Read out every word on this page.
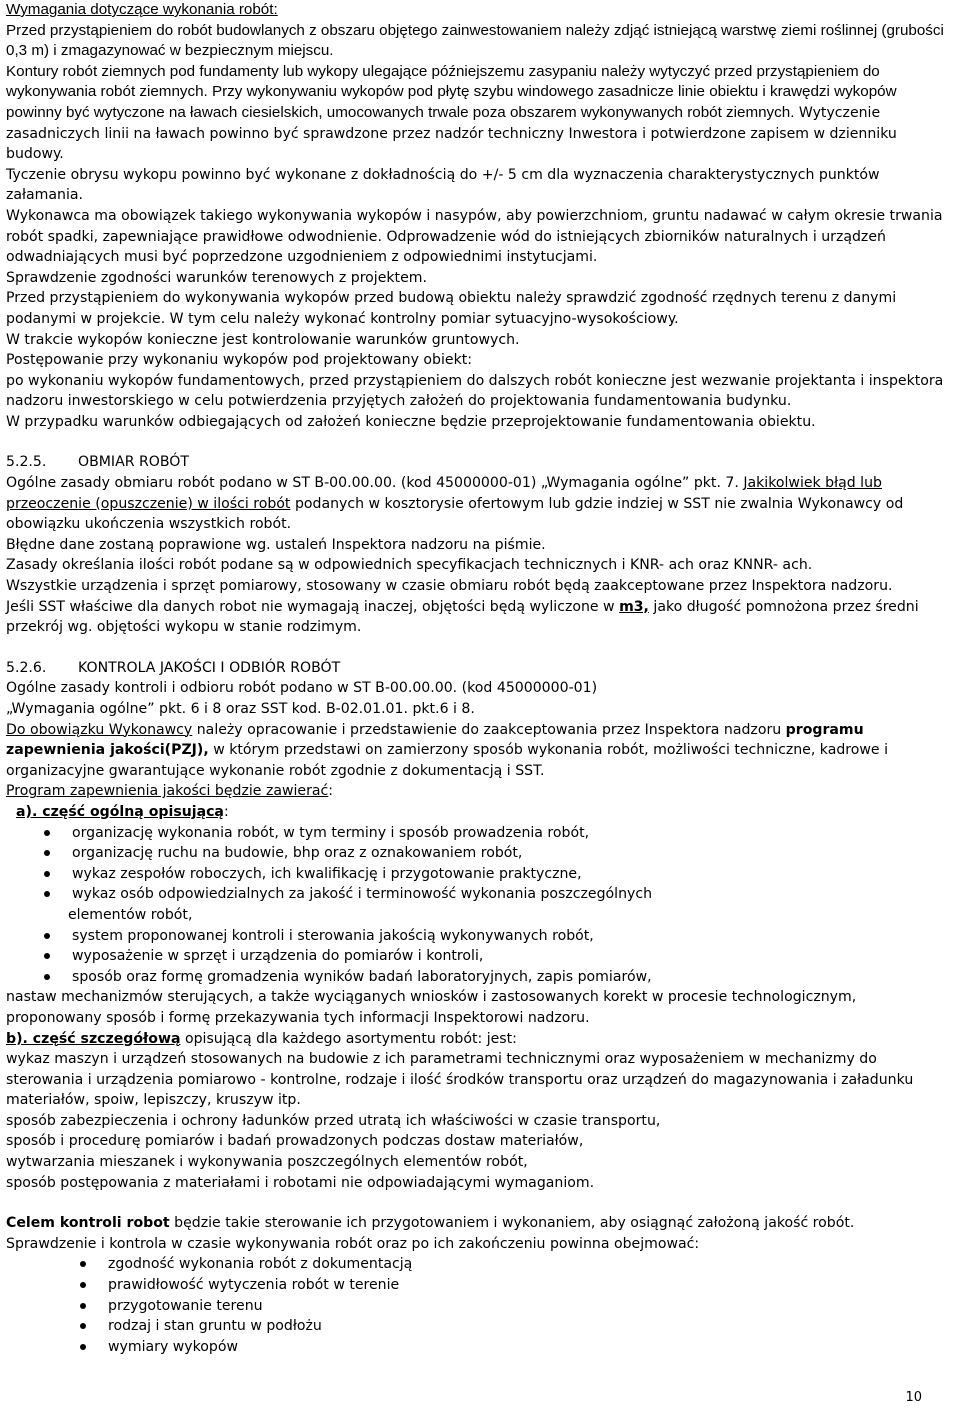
Wymagania dotyczące wykonania robót:

Przed przystąpieniem do robót budowlanych z obszaru objętego zainwestowaniem należy zdjąć istniejącą warstwę ziemi roślinnej (grubości 0,3 m) i zmagazynować w bezpiecznym miejscu.

Kontury robót ziemnych pod fundamenty lub wykopy ulegające późniejszemu zasypaniu należy wytyczyć przed przystąpieniem do wykonywania robót ziemnych. Przy wykonywaniu wykopów pod płytę szybu windowego zasadnicze linie obiektu i krawędzi wykopów powinny być wytyczone na ławach ciesielskich, umocowanych trwale poza obszarem wykonywanych robót ziemnych. Wytyczenie zasadniczych linii na ławach powinno być sprawdzone przez nadzór techniczny Inwestora i potwierdzone zapisem w dzienniku budowy.

Tyczenie obrysu wykopu powinno być wykonane z dokładnością do +/- 5 cm dla wyznaczenia charakterystycznych punktów załamania.

Wykonawca ma obowiązek takiego wykonywania wykopów i nasypów, aby powierzchniom, gruntu nadawać w całym okresie trwania robót spadki, zapewniające prawidłowe odwodnienie. Odprowadzenie wód do istniejących zbiorników naturalnych i urządzeń odwadniających musi być poprzedzone uzgodnieniem z odpowiednimi instytucjami.

Sprawdzenie zgodności warunków terenowych z projektem.

Przed przystąpieniem do wykonywania wykopów przed budową obiektu należy sprawdzić zgodność rzędnych terenu z danymi podanymi w projekcie. W tym celu należy wykonać kontrolny pomiar sytuacyjno-wysokościowy.

W trakcie wykopów konieczne jest kontrolowanie warunków gruntowych.

Postępowanie przy wykonaniu wykopów pod projektowany obiekt:

po wykonaniu wykopów fundamentowych, przed przystąpieniem do dalszych robót konieczne jest wezwanie projektanta i inspektora nadzoru inwestorskiego w celu potwierdzenia przyjętych założeń do projektowania fundamentowania budynku.

W przypadku warunków odbiegających od założeń konieczne będzie przeprojektowanie fundamentowania obiektu.

5.2.5. OBMIAR ROBÓT

Ogólne zasady obmiaru robót podano w ST B-00.00.00. (kod 45000000-01) „Wymagania ogólne” pkt. 7. Jakikolwiek błąd lub przeoczenie (opuszczenie) w ilości robót podanych w kosztorysie ofertowym lub gdzie indziej w SST nie zwalnia Wykonawcy od obowiązku ukończenia wszystkich robót.

Błędne dane zostaną poprawione wg. ustaleń Inspektora nadzoru na piśmie.

Zasady określania ilości robót podane są w odpowiednich specyfikacjach technicznych i KNR- ach oraz KNNR- ach.

Wszystkie urządzenia i sprzęt pomiarowy, stosowany w czasie obmiaru robót będą zaakceptowane przez Inspektora nadzoru.

Jeśli SST właściwe dla danych robot nie wymagają inaczej, objętości będą wyliczone w m3, jako długość pomnożona przez średni przekrój wg. objętości wykopu w stanie rodzimym.

5.2.6. KONTROLA JAKOŚCI I ODBIÓR ROBÓT

Ogólne zasady kontroli i odbioru robót podano w ST B-00.00.00. (kod 45000000-01)

„Wymagania ogólne” pkt. 6 i 8 oraz SST kod. B-02.01.01. pkt.6 i 8.

Do obowiązku Wykonawcy należy opracowanie i przedstawienie do zaakceptowania przez Inspektora nadzoru programu zapewnienia jakości(PZJ), w którym przedstawi on zamierzony sposób wykonania robót, możliwości techniczne, kadrowe i organizacyjne gwarantujące wykonanie robót zgodnie z dokumentacją i SST.

Program zapewnienia jakości będzie zawierać:

a). część ogólną opisującą:

organizację wykonania robót, w tym terminy i sposób prowadzenia robót,
organizację ruchu na budowie, bhp oraz z oznakowaniem robót,
wykaz zespołów roboczych, ich kwalifikację i przygotowanie praktyczne,
wykaz osób odpowiedzialnych za jakość i terminowość wykonania poszczególnych
elementów robót,
system proponowanej kontroli i sterowania jakością wykonywanych robót,
wyposażenie w sprzęt i urządzenia do pomiarów i kontroli,
sposób oraz formę gromadzenia wyników badań laboratoryjnych, zapis pomiarów,

nastaw mechanizmów sterujących, a także wyciąganych wniosków i zastosowanych korekt w procesie technologicznym, proponowany sposób i formę przekazywania tych informacji Inspektorowi nadzoru.

b). część szczegółową opisującą dla każdego asortymentu robót: jest:

wykaz maszyn i urządzeń stosowanych na budowie z ich parametrami technicznymi oraz wyposażeniem w mechanizmy do sterowania i urządzenia pomiarowo - kontrolne, rodzaje i ilość środków transportu oraz urządzeń do magazynowania i załadunku materiałów, spoiw, lepiszczy, kruszyw itp.

sposób zabezpieczenia i ochrony ładunków przed utratą ich właściwości w czasie transportu,

sposób i procedurę pomiarów i badań prowadzonych podczas dostaw materiałów,

wytwarzania mieszanek i wykonywania poszczególnych elementów robót,

sposób postępowania z materiałami i robotami nie odpowiadającymi wymaganiom.

Celem kontroli robot będzie takie sterowanie ich przygotowaniem i wykonaniem, aby osiągnąć założoną jakość robót.

Sprawdzenie i kontrola w czasie wykonywania robót oraz po ich zakończeniu powinna obejmować:

zgodność wykonania robót z dokumentacją
prawidłowość wytyczenia robót w terenie
przygotowanie terenu
rodzaj i stan gruntu w podłożu
wymiary wykopów
10
